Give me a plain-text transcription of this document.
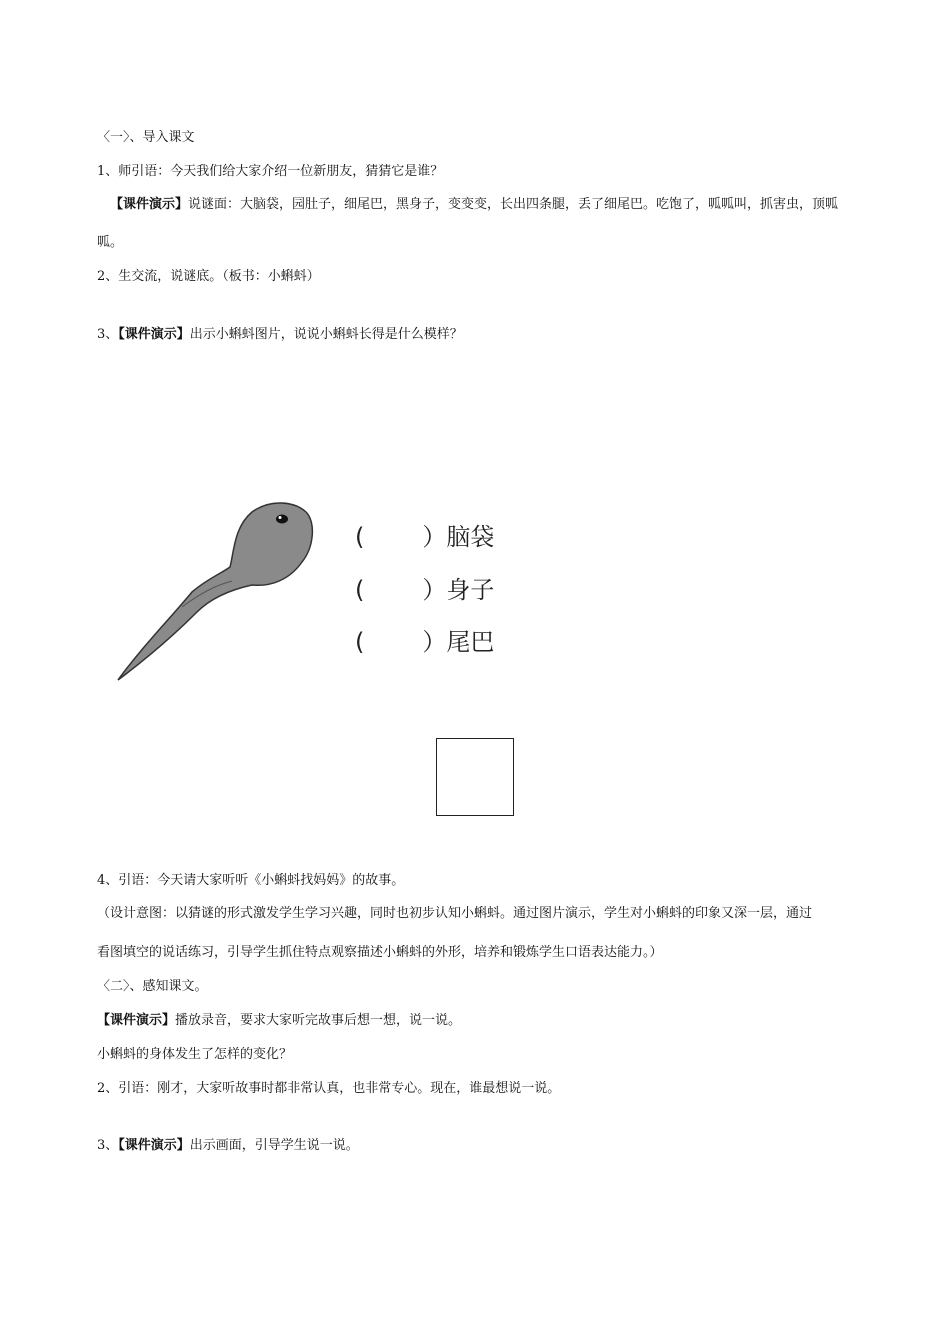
〈一〉、导入课文
1、师引语：今天我们给大家介绍一位新朋友，猜猜它是谁？
【课件演示】说谜面：大脑袋，园肚子，细尾巴，黑身子，变变变，长出四条腿，丢了细尾巴。吃饱了，呱呱叫，抓害虫，顶呱
呱。
2、生交流，说谜底。（板书：小蝌蚪）
3、【课件演示】出示小蝌蚪图片，说说小蝌蚪长得是什么模样？
( ）脑袋
( ）身子
( ）尾巴
4、引语：今天请大家听听《小蝌蚪找妈妈》的故事。
（设计意图：以猜谜的形式激发学生学习兴趣，同时也初步认知小蝌蚪。通过图片演示，学生对小蝌蚪的印象又深一层，通过
看图填空的说话练习，引导学生抓住特点观察描述小蝌蚪的外形，培养和锻炼学生口语表达能力。）
〈二〉、感知课文。
【课件演示】播放录音，要求大家听完故事后想一想，说一说。
小蝌蚪的身体发生了怎样的变化？
2、引语：刚才，大家听故事时都非常认真，也非常专心。现在，谁最想说一说。
3、【课件演示】出示画面，引导学生说一说。
